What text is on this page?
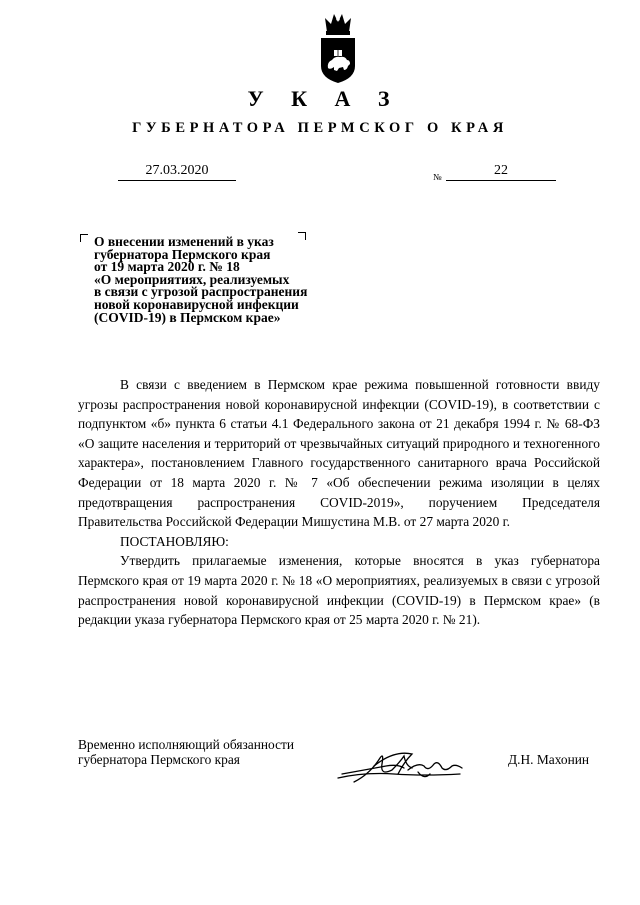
У К А З
ГУБЕРНАТОРА ПЕРМСКОГ О КРАЯ
27.03.2020	№	22
О внесении изменений в указ
губернатора Пермского края
от 19 марта 2020 г. № 18
«О мероприятиях, реализуемых
в связи с угрозой распространения
новой коронавирусной инфекции
(COVID-19) в Пермском крае»

В связи с введением в Пермском крае режима повышенной готовности ввиду угрозы распространения новой коронавирусной инфекции (COVID-19), в соответствии с подпунктом «б» пункта 6 статьи 4.1 Федерального закона от 21 декабря 1994 г. № 68-ФЗ «О защите населения и территорий от чрезвычайных ситуаций природного и техногенного характера», постановлением Главного государственного санитарного врача Российской Федерации от 18 марта 2020 г. № 7 «Об обеспечении режима изоляции в целях предотвращения распространения COVID-2019», поручением Председателя Правительства Российской Федерации Мишустина М.В. от 27 марта 2020 г.

ПОСТАНОВЛЯЮ:

Утвердить прилагаемые изменения, которые вносятся в указ губернатора Пермского края от 19 марта 2020 г. № 18 «О мероприятиях, реализуемых в связи с угрозой распространения новой коронавирусной инфекции (COVID-19) в Пермском крае» (в редакции указа губернатора Пермского края от 25 марта 2020 г. № 21).

Временно исполняющий обязанности
губернатора Пермского края	Д.Н. Махонин
